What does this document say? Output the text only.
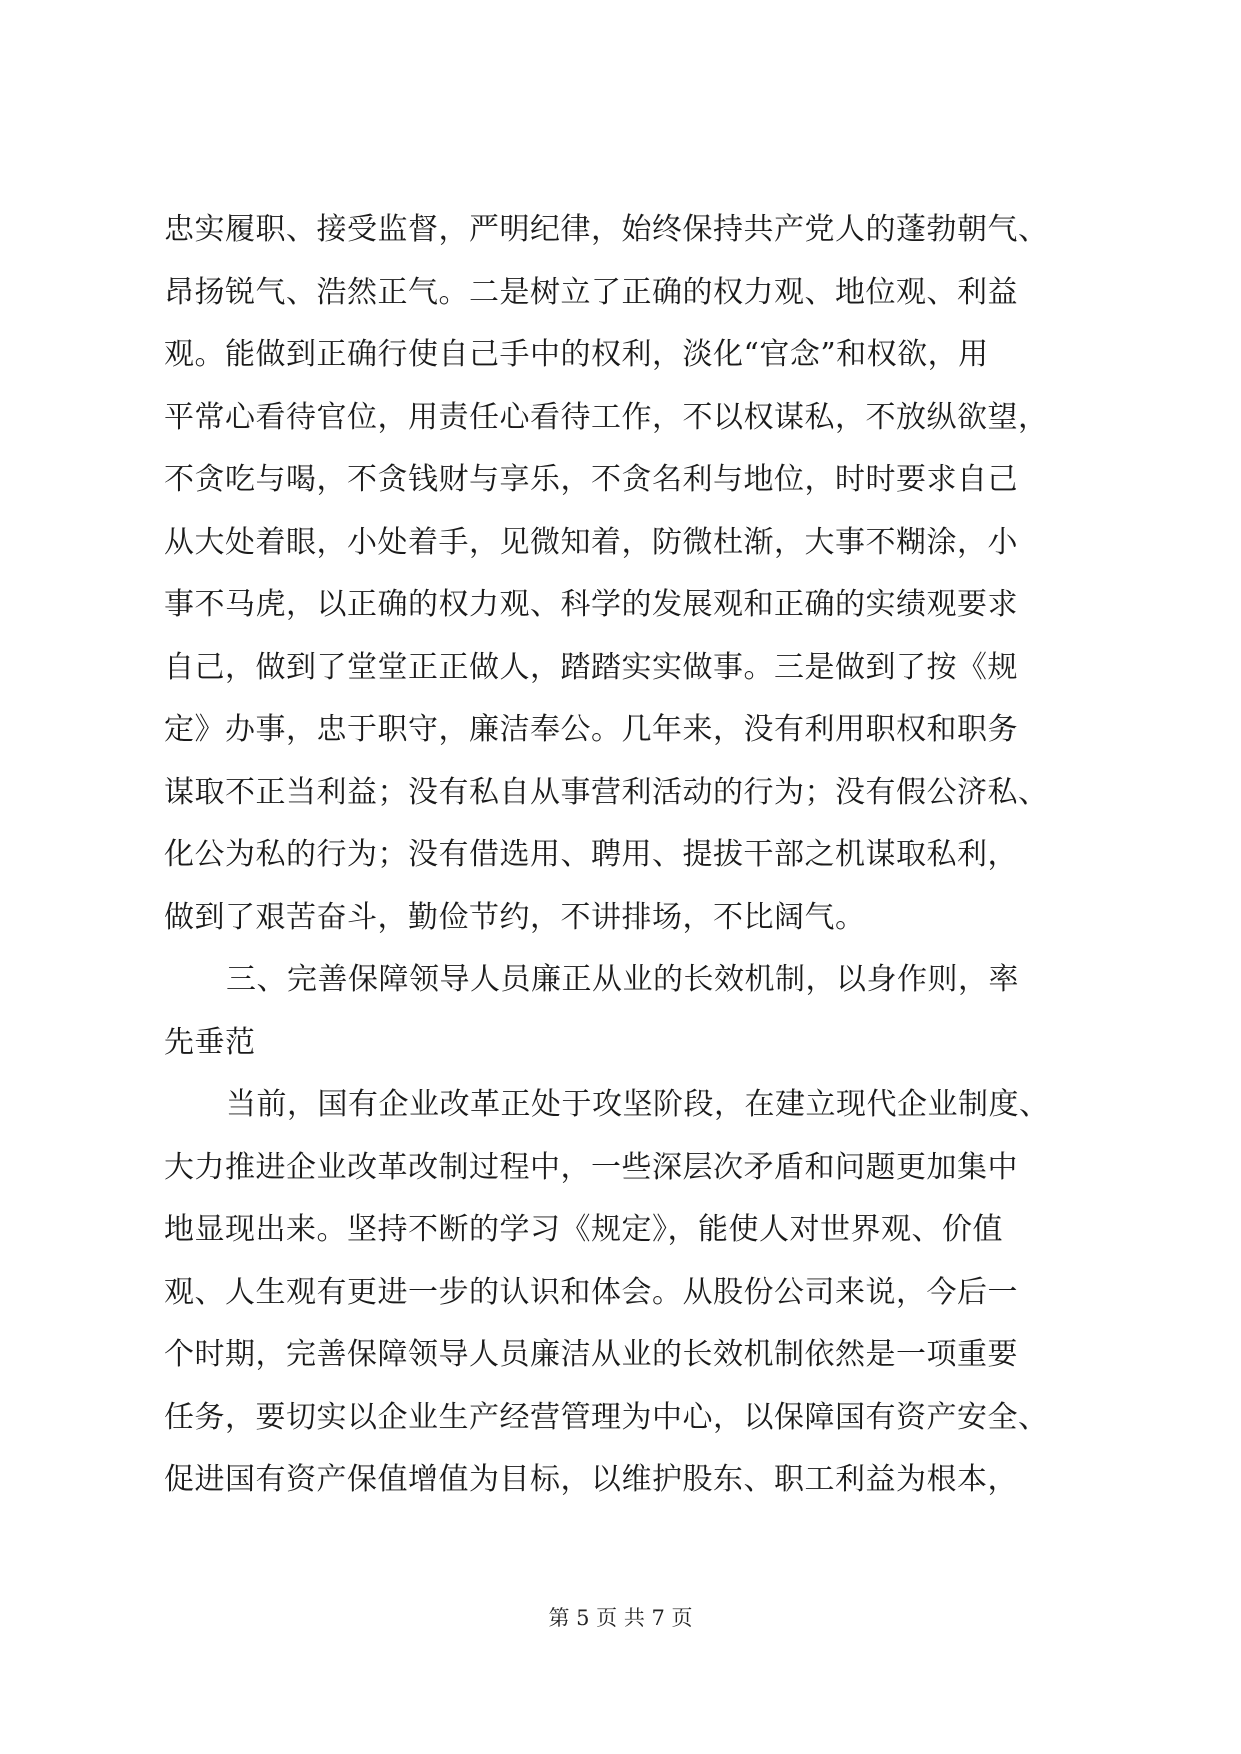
忠实履职、接受监督，严明纪律，始终保持共产党人的蓬勃朝气、
昂扬锐气、浩然正气。二是树立了正确的权力观、地位观、利益
观。能做到正确行使自己手中的权利，淡化“官念”和权欲，用
平常心看待官位，用责任心看待工作，不以权谋私，不放纵欲望，
不贪吃与喝，不贪钱财与享乐，不贪名利与地位，时时要求自己
从大处着眼，小处着手，见微知着，防微杜渐，大事不糊涂，小
事不马虎，以正确的权力观、科学的发展观和正确的实绩观要求
自己，做到了堂堂正正做人，踏踏实实做事。三是做到了按《规
定》办事，忠于职守，廉洁奉公。几年来，没有利用职权和职务
谋取不正当利益；没有私自从事营利活动的行为；没有假公济私、
化公为私的行为；没有借选用、聘用、提拔干部之机谋取私利，
做到了艰苦奋斗，勤俭节约，不讲排场，不比阔气。
三、完善保障领导人员廉正从业的长效机制，以身作则，率
先垂范
当前，国有企业改革正处于攻坚阶段，在建立现代企业制度、
大力推进企业改革改制过程中，一些深层次矛盾和问题更加集中
地显现出来。坚持不断的学习《规定》，能使人对世界观、价值
观、人生观有更进一步的认识和体会。从股份公司来说，今后一
个时期，完善保障领导人员廉洁从业的长效机制依然是一项重要
任务，要切实以企业生产经营管理为中心，以保障国有资产安全、
促进国有资产保值增值为目标，以维护股东、职工利益为根本，
第 5 页 共 7 页
